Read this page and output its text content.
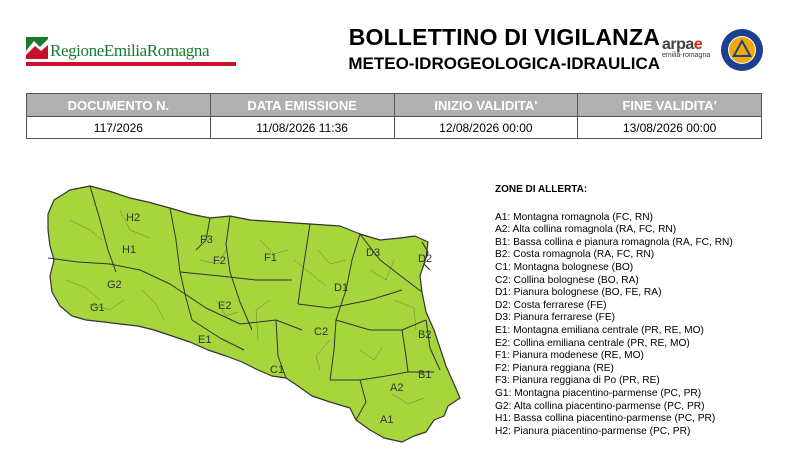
RegioneEmiliaRomagna
BOLLETTINO DI VIGILANZA
METEO-IDROGEOLOGICA-IDRAULICA
arpae
emilia-romagna
DOCUMENTO N.	DATA EMISSIONE	INIZIO VALIDITA'	FINE VALIDITA'
117/2026	11/08/2026 11:36	12/08/2026 00:00	13/08/2026 00:00
H2
F3
H1
F2	F1	D3	D2
G2	D1
G1	E2
E1
C2	B2
C1	B1
A2
A1
ZONE DI ALLERTA:
A1: Montagna romagnola (FC, RN)
A2: Alta collina romagnola (RA, FC, RN)
B1: Bassa collina e pianura romagnola (RA, FC, RN)
B2: Costa romagnola (RA, FC, RN)
C1: Montagna bolognese (BO)
C2: Collina bolognese (BO, RA)
D1: Pianura bolognese (BO, FE, RA)
D2: Costa ferrarese (FE)
D3: Pianura ferrarese (FE)
E1: Montagna emiliana centrale (PR, RE, MO)
E2: Collina emiliana centrale (PR, RE, MO)
F1: Pianura modenese (RE, MO)
F2: Pianura reggiana (RE)
F3: Pianura reggiana di Po (PR, RE)
G1: Montagna piacentino-parmense (PC, PR)
G2: Alta collina piacentino-parmense (PC, PR)
H1: Bassa collina piacentino-parmense (PC, PR)
H2: Pianura piacentino-parmense (PC, PR)
